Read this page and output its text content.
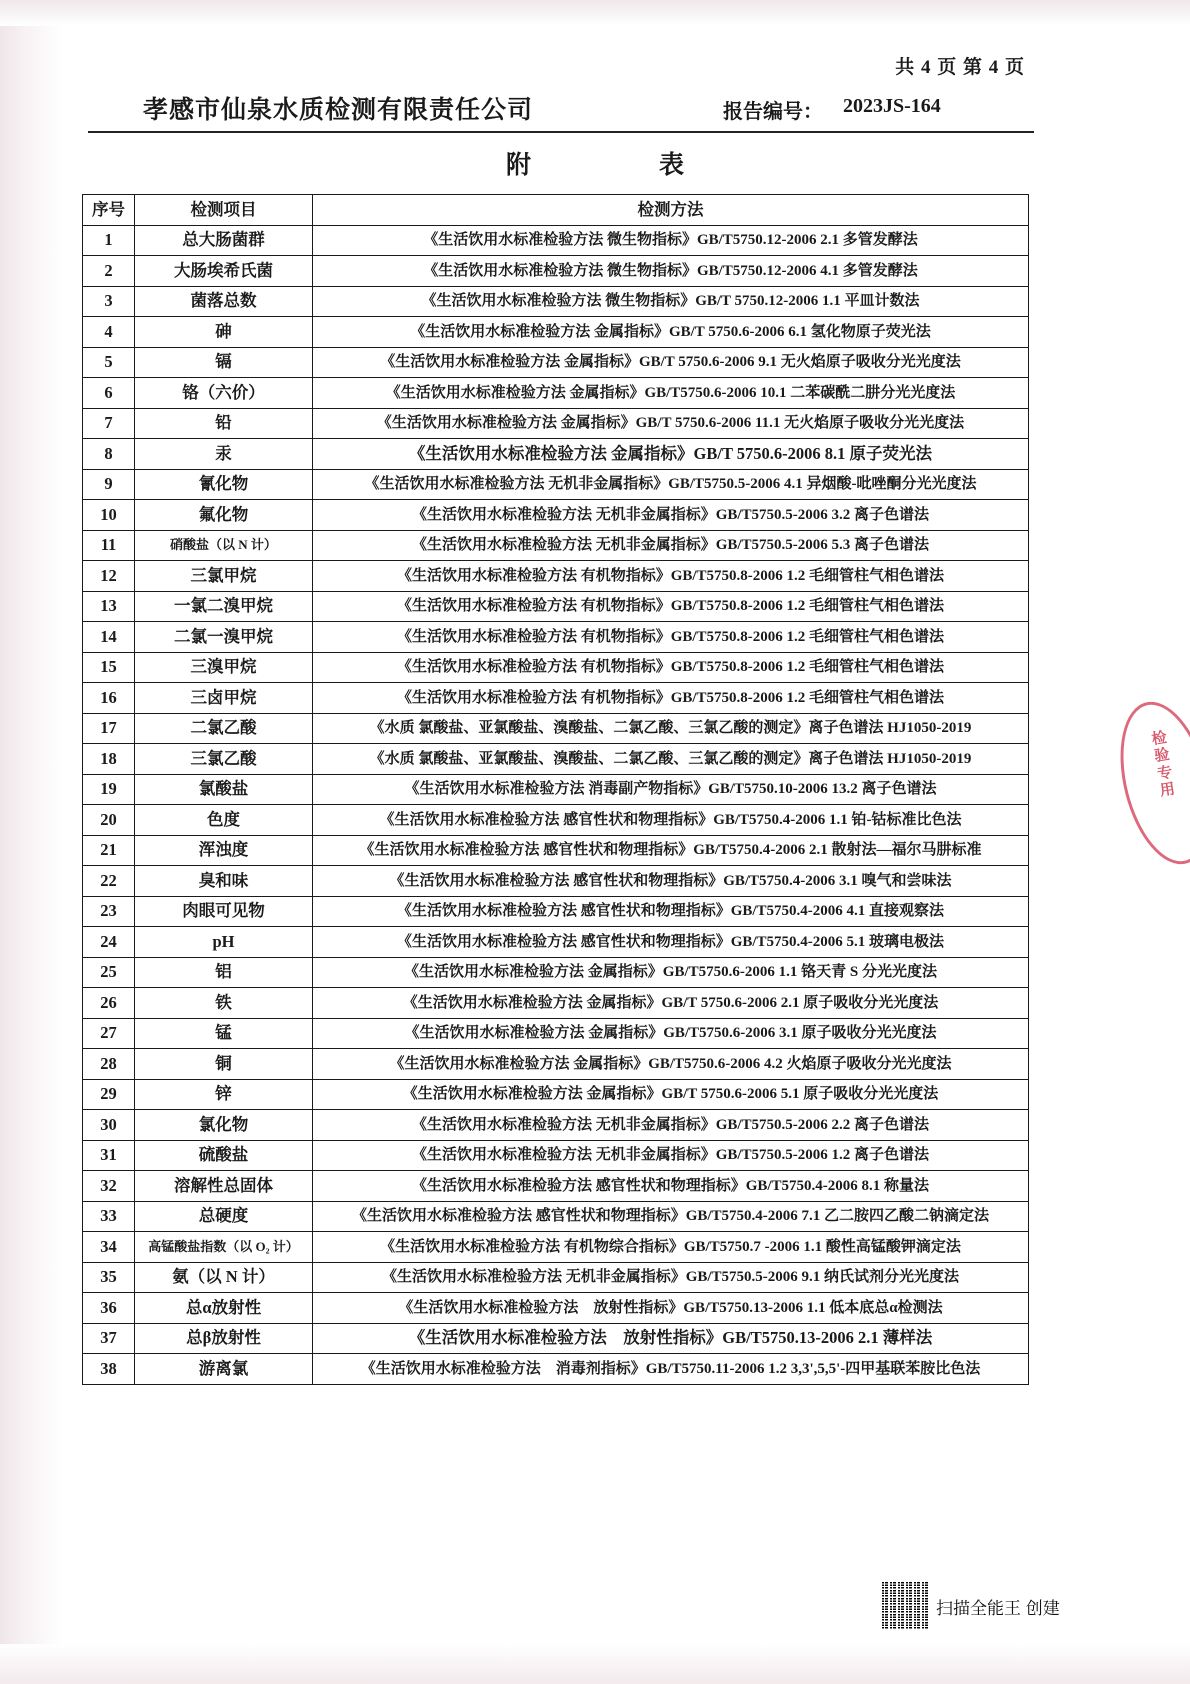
共 4 页 第 4 页
孝感市仙泉水质检测有限责任公司	报告编号： 2023JS-164
附　　表
序号	检测项目	检测方法
1	总大肠菌群	《生活饮用水标准检验方法 微生物指标》GB/T5750.12-2006 2.1 多管发酵法
2	大肠埃希氏菌	《生活饮用水标准检验方法 微生物指标》GB/T5750.12-2006 4.1 多管发酵法
3	菌落总数	《生活饮用水标准检验方法 微生物指标》GB/T 5750.12-2006 1.1 平皿计数法
4	砷	《生活饮用水标准检验方法 金属指标》GB/T 5750.6-2006 6.1 氢化物原子荧光法
5	镉	《生活饮用水标准检验方法 金属指标》GB/T 5750.6-2006 9.1 无火焰原子吸收分光光度法
6	铬（六价）	《生活饮用水标准检验方法 金属指标》GB/T5750.6-2006 10.1 二苯碳酰二肼分光光度法
7	铅	《生活饮用水标准检验方法 金属指标》GB/T 5750.6-2006 11.1 无火焰原子吸收分光光度法
8	汞	《生活饮用水标准检验方法 金属指标》GB/T 5750.6-2006 8.1 原子荧光法
9	氰化物	《生活饮用水标准检验方法 无机非金属指标》GB/T5750.5-2006 4.1 异烟酸-吡唑酮分光光度法
10	氟化物	《生活饮用水标准检验方法 无机非金属指标》GB/T5750.5-2006 3.2 离子色谱法
11	硝酸盐（以 N 计）	《生活饮用水标准检验方法 无机非金属指标》GB/T5750.5-2006 5.3 离子色谱法
12	三氯甲烷	《生活饮用水标准检验方法 有机物指标》GB/T5750.8-2006 1.2 毛细管柱气相色谱法
13	一氯二溴甲烷	《生活饮用水标准检验方法 有机物指标》GB/T5750.8-2006 1.2 毛细管柱气相色谱法
14	二氯一溴甲烷	《生活饮用水标准检验方法 有机物指标》GB/T5750.8-2006 1.2 毛细管柱气相色谱法
15	三溴甲烷	《生活饮用水标准检验方法 有机物指标》GB/T5750.8-2006 1.2 毛细管柱气相色谱法
16	三卤甲烷	《生活饮用水标准检验方法 有机物指标》GB/T5750.8-2006 1.2 毛细管柱气相色谱法
17	二氯乙酸	《水质 氯酸盐、亚氯酸盐、溴酸盐、二氯乙酸、三氯乙酸的测定》离子色谱法 HJ1050-2019
18	三氯乙酸	《水质 氯酸盐、亚氯酸盐、溴酸盐、二氯乙酸、三氯乙酸的测定》离子色谱法 HJ1050-2019
19	氯酸盐	《生活饮用水标准检验方法 消毒副产物指标》GB/T5750.10-2006 13.2 离子色谱法
20	色度	《生活饮用水标准检验方法 感官性状和物理指标》GB/T5750.4-2006 1.1 铂-钴标准比色法
21	浑浊度	《生活饮用水标准检验方法 感官性状和物理指标》GB/T5750.4-2006 2.1 散射法—福尔马肼标准
22	臭和味	《生活饮用水标准检验方法 感官性状和物理指标》GB/T5750.4-2006 3.1 嗅气和尝味法
23	肉眼可见物	《生活饮用水标准检验方法 感官性状和物理指标》GB/T5750.4-2006 4.1 直接观察法
24	pH	《生活饮用水标准检验方法 感官性状和物理指标》GB/T5750.4-2006 5.1 玻璃电极法
25	铝	《生活饮用水标准检验方法 金属指标》GB/T5750.6-2006 1.1 铬天青 S 分光光度法
26	铁	《生活饮用水标准检验方法 金属指标》GB/T 5750.6-2006 2.1 原子吸收分光光度法
27	锰	《生活饮用水标准检验方法 金属指标》GB/T5750.6-2006 3.1 原子吸收分光光度法
28	铜	《生活饮用水标准检验方法 金属指标》GB/T5750.6-2006 4.2 火焰原子吸收分光光度法
29	锌	《生活饮用水标准检验方法 金属指标》GB/T 5750.6-2006 5.1 原子吸收分光光度法
30	氯化物	《生活饮用水标准检验方法 无机非金属指标》GB/T5750.5-2006 2.2 离子色谱法
31	硫酸盐	《生活饮用水标准检验方法 无机非金属指标》GB/T5750.5-2006 1.2 离子色谱法
32	溶解性总固体	《生活饮用水标准检验方法 感官性状和物理指标》GB/T5750.4-2006 8.1 称量法
33	总硬度	《生活饮用水标准检验方法 感官性状和物理指标》GB/T5750.4-2006 7.1 乙二胺四乙酸二钠滴定法
34	高锰酸盐指数（以 O₂ 计）	《生活饮用水标准检验方法 有机物综合指标》GB/T5750.7 -2006 1.1 酸性高锰酸钾滴定法
35	氨（以 N 计）	《生活饮用水标准检验方法 无机非金属指标》GB/T5750.5-2006 9.1 纳氏试剂分光光度法
36	总α放射性	《生活饮用水标准检验方法　放射性指标》GB/T5750.13-2006 1.1 低本底总α检测法
37	总β放射性	《生活饮用水标准检验方法　放射性指标》GB/T5750.13-2006 2.1 薄样法
38	游离氯	《生活饮用水标准检验方法　消毒剂指标》GB/T5750.11-2006 1.2 3,3',5,5'-四甲基联苯胺比色法
检验专用
扫描全能王 创建
